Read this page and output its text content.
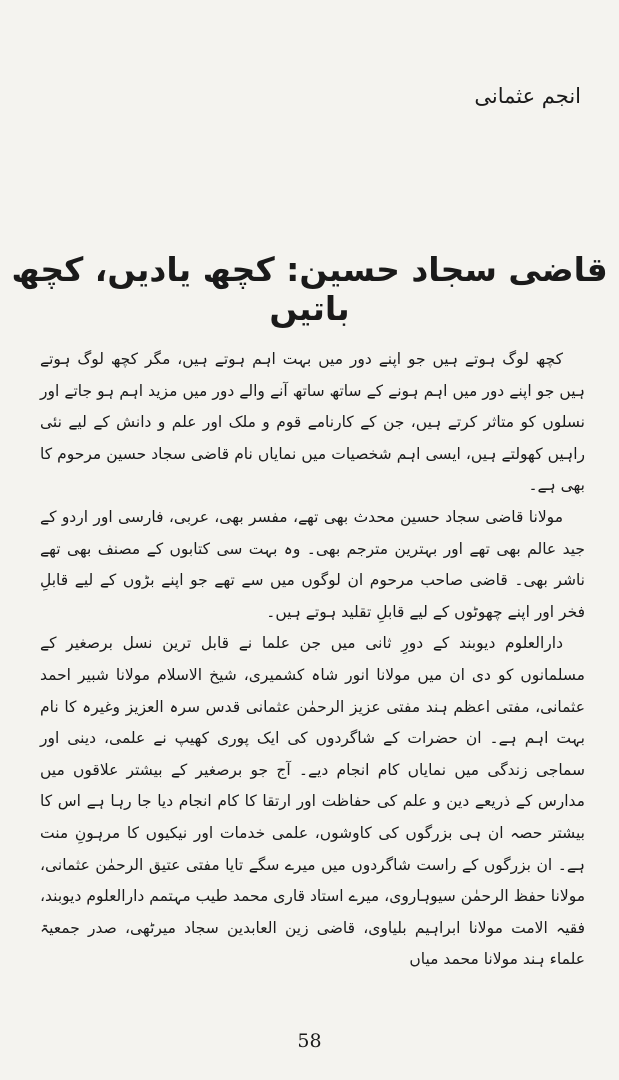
انجم عثمانی
قاضی سجاد حسین: کچھ یادیں، کچھ باتیں

کچھ لوگ ہوتے ہیں جو اپنے دور میں بہت اہم ہوتے ہیں، مگر کچھ لوگ ہوتے ہیں جو اپنے دور میں اہم ہونے کے ساتھ ساتھ آنے والے دور میں مزید اہم ہو جاتے اور نسلوں کو متاثر کرتے ہیں، جن کے کارنامے قوم و ملک اور علم و دانش کے لیے نئی راہیں کھولتے ہیں، ایسی اہم شخصیات میں نمایاں نام قاضی سجاد حسین مرحوم کا بھی ہے۔

مولانا قاضی سجاد حسین محدث بھی تھے، مفسر بھی، عربی، فارسی اور اردو کے جید عالم بھی تھے اور بہترین مترجم بھی۔ وہ بہت سی کتابوں کے مصنف بھی تھے ناشر بھی۔ قاضی صاحب مرحوم ان لوگوں میں سے تھے جو اپنے بڑوں کے لیے قابلِ فخر اور اپنے چھوٹوں کے لیے قابلِ تقلید ہوتے ہیں۔

دارالعلوم دیوبند کے دورِ ثانی میں جن علما نے قابل ترین نسل برصغیر کے مسلمانوں کو دی ان میں مولانا انور شاہ کشمیری، شیخ الاسلام مولانا شبیر احمد عثمانی، مفتی اعظم ہند مفتی عزیز الرحمٰن عثمانی قدس سرہ العزیز وغیرہ کا نام بہت اہم ہے۔ ان حضرات کے شاگردوں کی ایک پوری کھیپ نے علمی، دینی اور سماجی زندگی میں نمایاں کام انجام دیے۔ آج جو برصغیر کے بیشتر علاقوں میں مدارس کے ذریعے دین و علم کی حفاظت اور ارتقا کا کام انجام دیا جا رہا ہے اس کا بیشتر حصہ ان ہی بزرگوں کی کاوشوں، علمی خدمات اور نیکیوں کا مرہونِ منت ہے۔ ان بزرگوں کے راست شاگردوں میں میرے سگے تایا مفتی عتیق الرحمٰن عثمانی، مولانا حفظ الرحمٰن سیوہاروی، میرے استاد قاری محمد طیب مہتمم دارالعلوم دیوبند، فقیہ الامت مولانا ابراہیم بلیاوی، قاضی زین العابدین سجاد میرٹھی، صدر جمعیۃ علماء ہند مولانا محمد میاں

58
